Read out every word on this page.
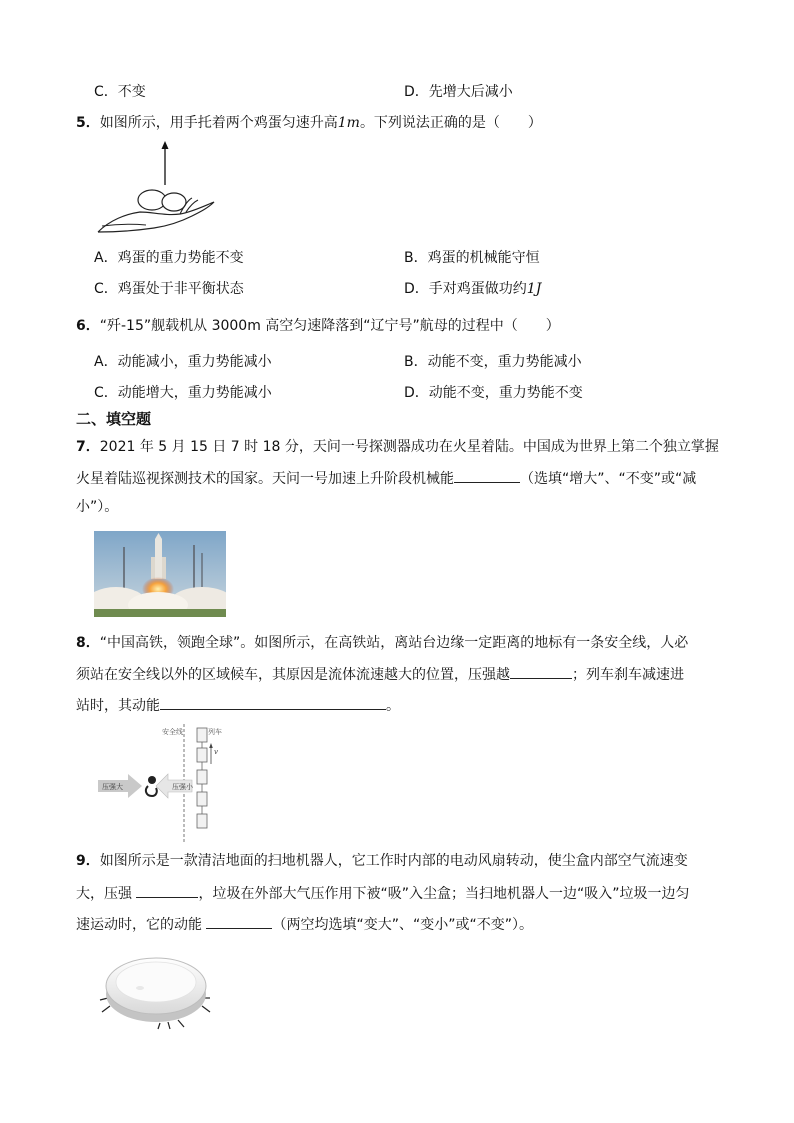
C．不变	D．先增大后减小
5．如图所示，用手托着两个鸡蛋匀速升高1m。下列说法正确的是（　　）
A．鸡蛋的重力势能不变	B．鸡蛋的机械能守恒
C．鸡蛋处于非平衡状态	D．手对鸡蛋做功约1J
6．“歼-15”舰载机从 3000m 高空匀速降落到“辽宁号”航母的过程中（　　）
A．动能减小，重力势能减小	B．动能不变，重力势能减小
C．动能增大，重力势能减小	D．动能不变，重力势能不变
二、填空题
7．2021 年 5 月 15 日 7 时 18 分，天问一号探测器成功在火星着陆。中国成为世界上第二个独立掌握
火星着陆巡视探测技术的国家。天问一号加速上升阶段机械能	（选填“增大”、“不变”或“减
小”）。
8．“中国高铁，领跑全球”。如图所示，在高铁站，离站台边缘一定距离的地标有一条安全线，人必
须站在安全线以外的区域候车，其原因是流体流速越大的位置，压强越	；列车刹车减速进
站时，其动能	。
安全线	列车
v
压强大	压强小
9．如图所示是一款清洁地面的扫地机器人，它工作时内部的电动风扇转动，使尘盒内部空气流速变
大，压强	，垃圾在外部大气压作用下被“吸”入尘盒；当扫地机器人一边“吸入”垃圾一边匀
速运动时，它的动能	（两空均选填“变大”、“变小”或“不变”）。
